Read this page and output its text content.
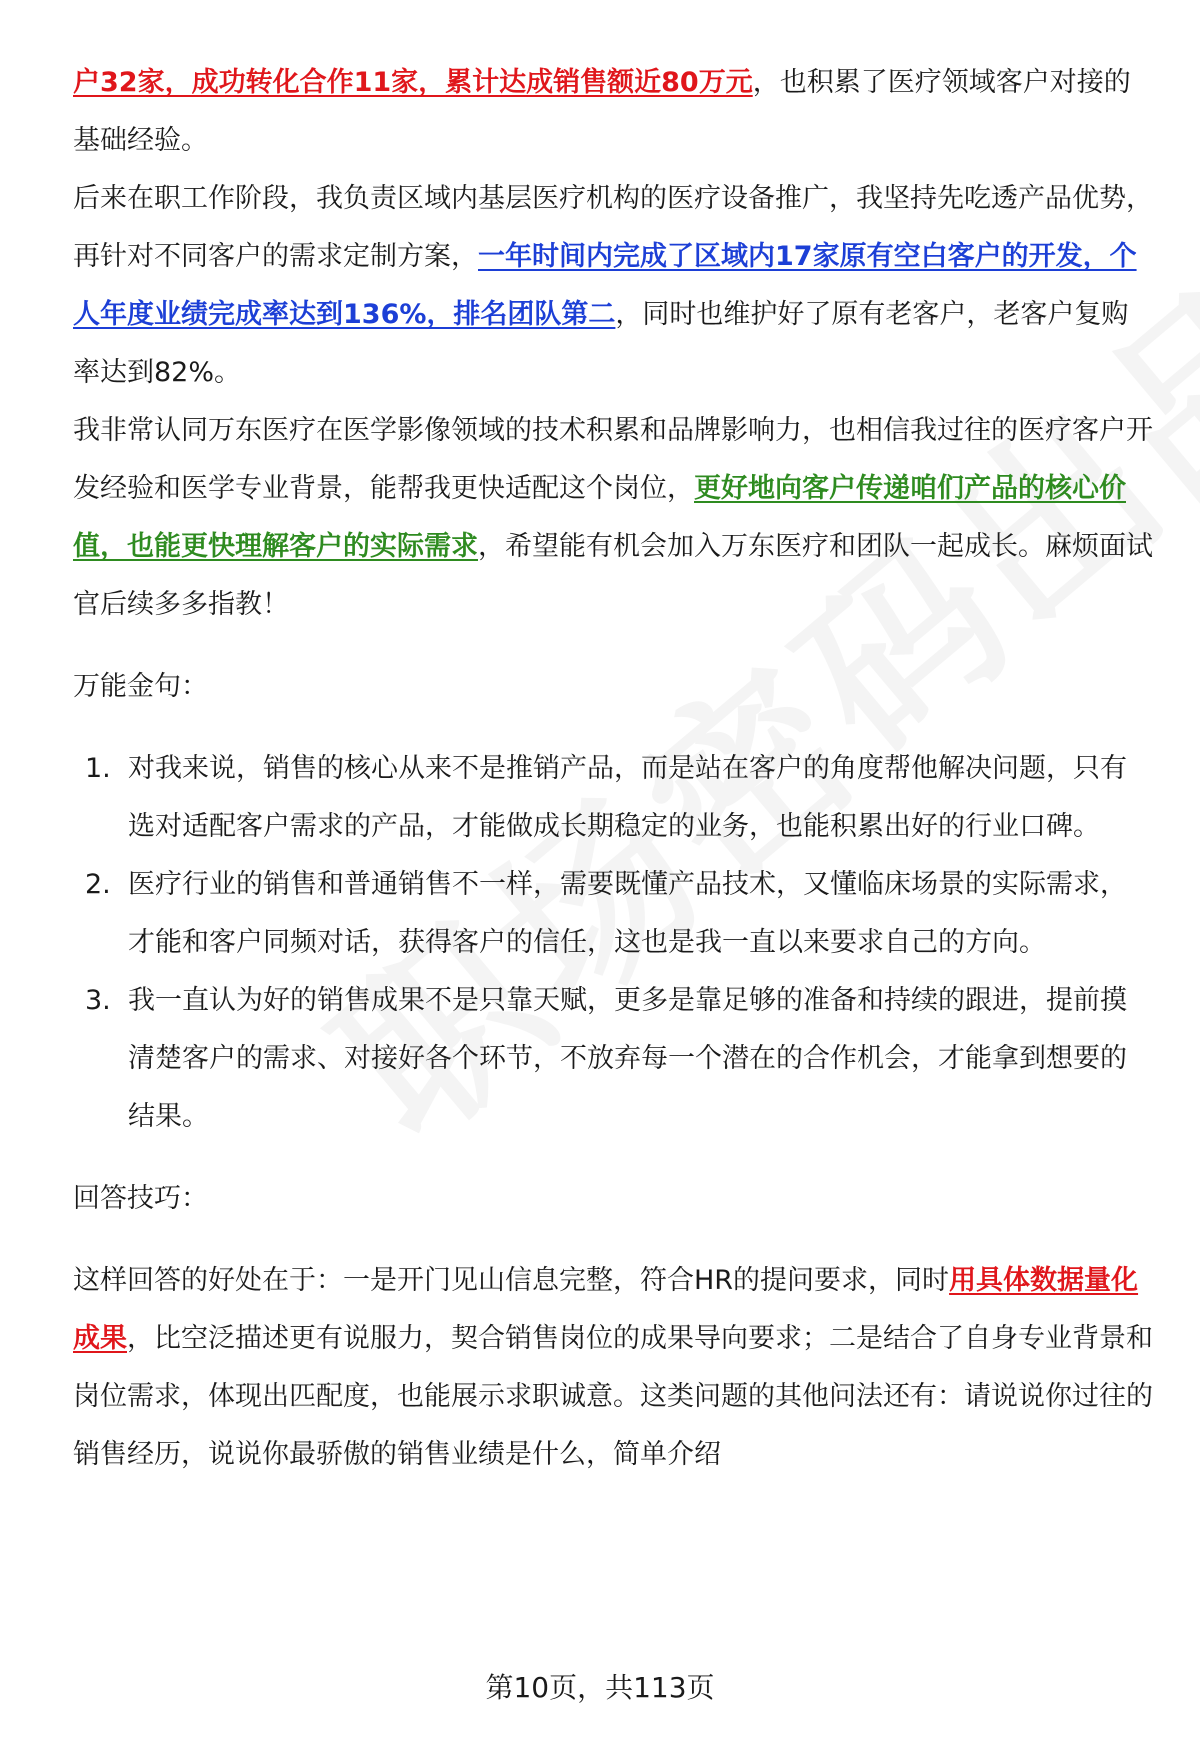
户32家，成功转化合作11家，累计达成销售额近80万元，也积累了医疗领域客户对接的基础经验。

后来在职工作阶段，我负责区域内基层医疗机构的医疗设备推广，我坚持先吃透产品优势，再针对不同客户的需求定制方案，一年时间内完成了区域内17家原有空白客户的开发，个人年度业绩完成率达到136%，排名团队第二，同时也维护好了原有老客户，老客户复购率达到82%。

我非常认同万东医疗在医学影像领域的技术积累和品牌影响力，也相信我过往的医疗客户开发经验和医学专业背景，能帮我更快适配这个岗位，更好地向客户传递咱们产品的核心价值，也能更快理解客户的实际需求，希望能有机会加入万东医疗和团队一起成长。麻烦面试官后续多多指教！

万能金句：

1. 对我来说，销售的核心从来不是推销产品，而是站在客户的角度帮他解决问题，只有选对适配客户需求的产品，才能做成长期稳定的业务，也能积累出好的行业口碑。
2. 医疗行业的销售和普通销售不一样，需要既懂产品技术，又懂临床场景的实际需求，才能和客户同频对话，获得客户的信任，这也是我一直以来要求自己的方向。
3. 我一直认为好的销售成果不是只靠天赋，更多是靠足够的准备和持续的跟进，提前摸清楚客户的需求、对接好各个环节，不放弃每一个潜在的合作机会，才能拿到想要的结果。

回答技巧：

这样回答的好处在于：一是开门见山信息完整，符合HR的提问要求，同时用具体数据量化成果，比空泛描述更有说服力，契合销售岗位的成果导向要求；二是结合了自身专业背景和岗位需求，体现出匹配度，也能展示求职诚意。这类问题的其他问法还有：请说说你过往的销售经历，说说你最骄傲的销售业绩是什么，简单介绍

第10页，共113页
